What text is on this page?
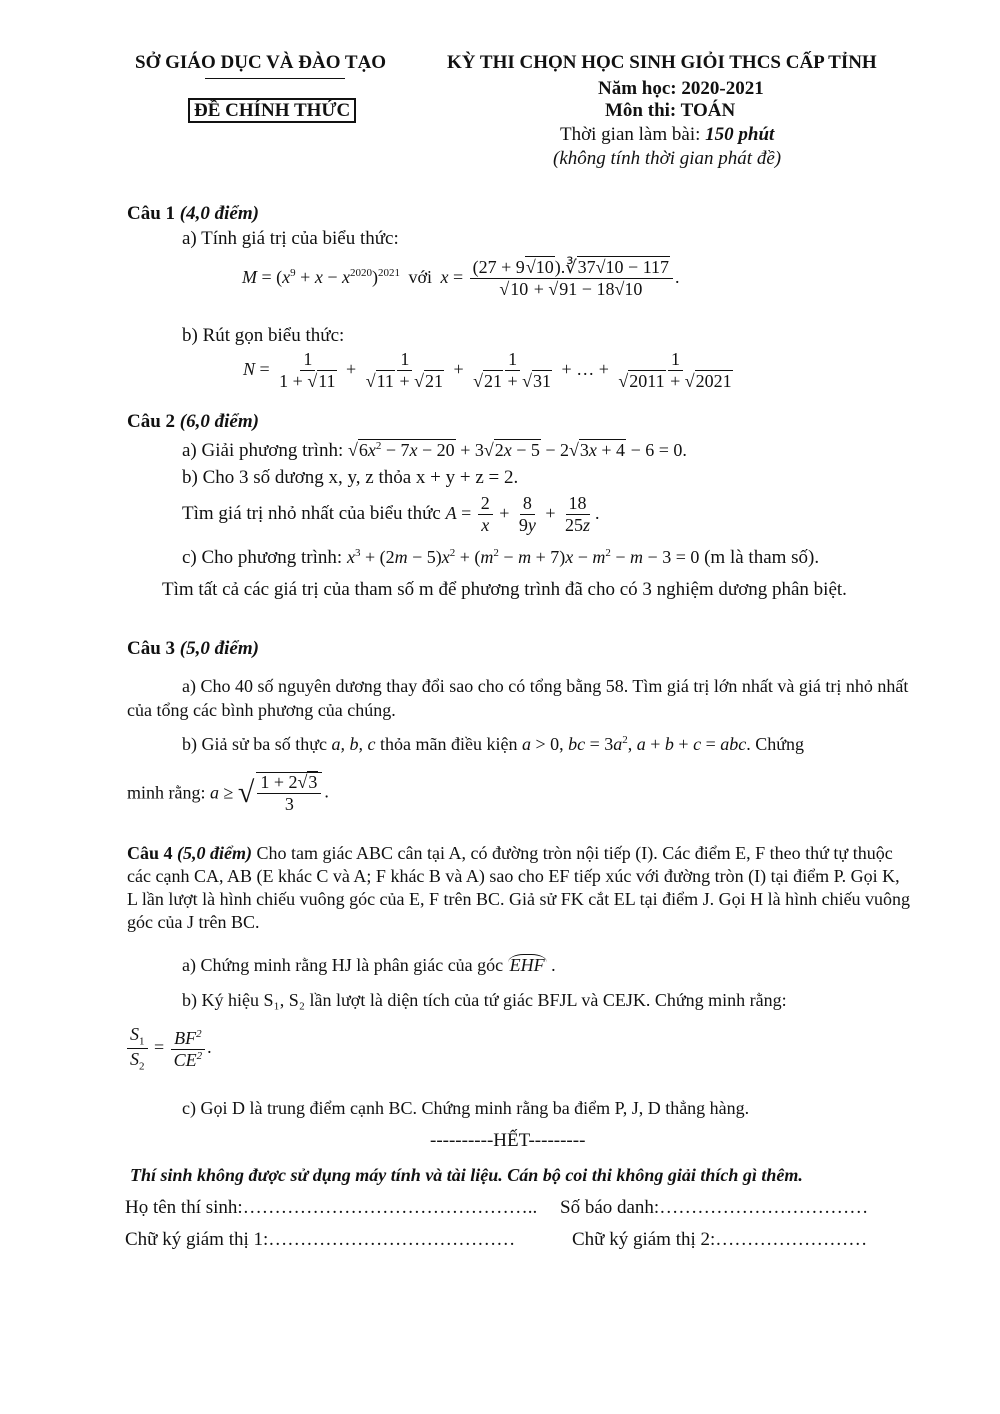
SỞ GIÁO DỤC VÀ ĐÀO TẠO
ĐỀ CHÍNH THỨC
KỲ THI CHỌN HỌC SINH GIỎI THCS CẤP TỈNH
Năm học: 2020-2021
Môn thi: TOÁN
Thời gian làm bài: 150 phút
(không tính thời gian phát đề)
Câu 1 (4,0 điểm)
a) Tính giá trị của biểu thức:
$M = (x^9 + x - x^{2020})^{2021}$ với $x = \frac{(27 + 9√10).∛37√10 - 117}{√10 + √91 - 18√10}$ .
b) Rút gọn biểu thức:
$N = \frac{1}{1 + √11} + \frac{1}{√11 + √21} + \frac{1}{√21 + √31}$ + … + $\frac{1}{√2011 + √2021}$
Câu 2 (6,0 điểm)
a) Giải phương trình: $√6x^2 - 7x - 20 + 3√2x - 5 - 2√3x + 4 - 6 = 0$.
b) Cho 3 số dương x, y, z thỏa x + y + z = 2.
Tìm giá trị nhỏ nhất của biểu thức $A = \frac{2}{x} + \frac{8}{9y} + \frac{18}{25z}$ .
c) Cho phương trình: $x^3 + (2m - 5)x^2 + (m^2 - m + 7)x - m^2 - m - 3 = 0$ (m là tham số).
Tìm tất cả các giá trị của tham số m để phương trình đã cho có 3 nghiệm dương phân biệt.
Câu 3 (5,0 điểm)
a) Cho 40 số nguyên dương thay đổi sao cho có tổng bằng 58. Tìm giá trị lớn nhất và giá trị nhỏ nhất của tổng các bình phương của chúng.
b) Giả sử ba số thực a, b, c thỏa mãn điều kiện a > 0, bc = $3a^2$, a + b + c = abc. Chứng
minh rằng: a ≥ √ $\frac{1 + 2√3}{3}$ .
Câu 4 (5,0 điểm) Cho tam giác ABC cân tại A, có đường tròn nội tiếp (I). Các điểm E, F theo thứ tự thuộc các cạnh CA, AB (E khác C và A; F khác B và A) sao cho EF tiếp xúc với đường tròn (I) tại điểm P. Gọi K, L lần lượt là hình chiếu vuông góc của E, F trên BC. Giả sử FK cắt EL tại điểm J. Gọi H là hình chiếu vuông góc của J trên BC.
a) Chứng minh rằng HJ là phân giác của góc EHF .
b) Ký hiệu S₁, S₂ lần lượt là diện tích của tứ giác BFJL và CEJK. Chứng minh rằng:
$\frac{S_1}{S_2} = \frac{BF^2}{CE^2}$ .
c) Gọi D là trung điểm cạnh BC. Chứng minh rằng ba điểm P, J, D thẳng hàng.
----------HẾT---------
Thí sinh không được sử dụng máy tính và tài liệu. Cán bộ coi thi không giải thích gì thêm.
Họ tên thí sinh:……………………………………….. Số báo danh:……………………………
Chữ ký giám thị 1:…………………………………	Chữ ký giám thị 2:……………………
